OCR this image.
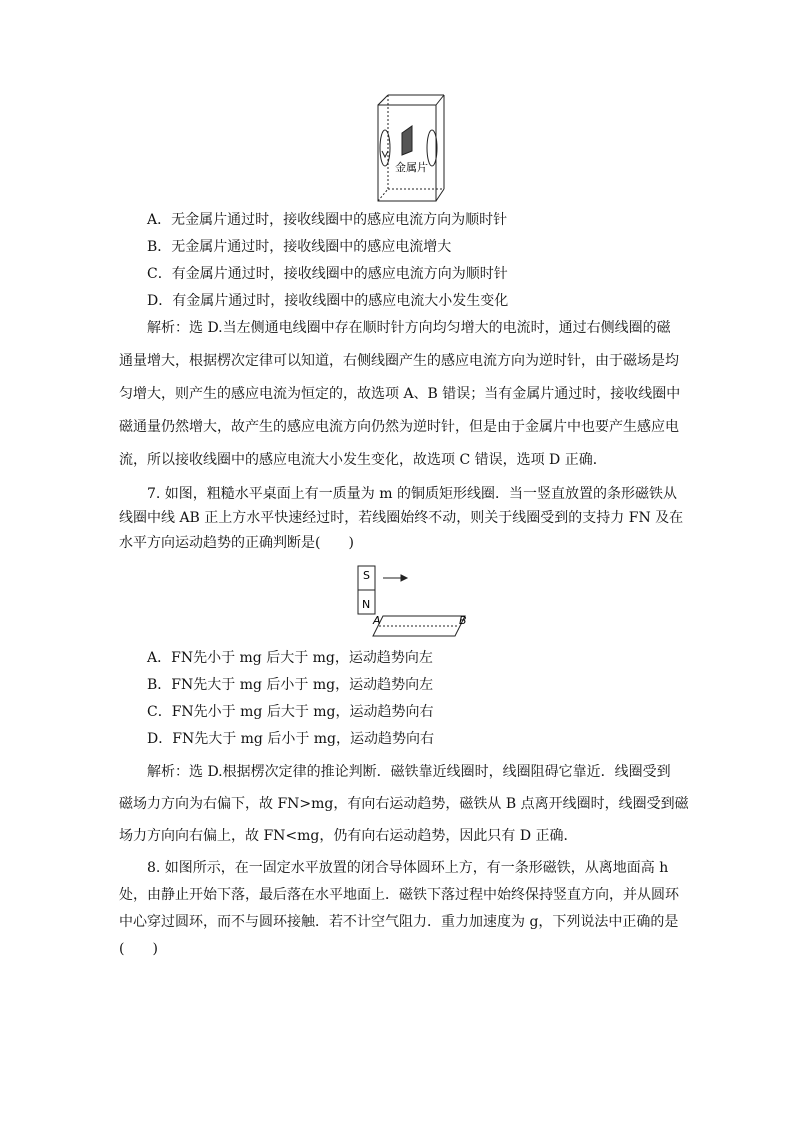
金属片
A．无金属片通过时，接收线圈中的感应电流方向为顺时针
B．无金属片通过时，接收线圈中的感应电流增大
C．有金属片通过时，接收线圈中的感应电流方向为顺时针
D．有金属片通过时，接收线圈中的感应电流大小发生变化
解析：选 D.当左侧通电线圈中存在顺时针方向均匀增大的电流时，通过右侧线圈的磁
通量增大，根据楞次定律可以知道，右侧线圈产生的感应电流方向为逆时针，由于磁场是均
匀增大，则产生的感应电流为恒定的，故选项 A、B 错误；当有金属片通过时，接收线圈中
磁通量仍然增大，故产生的感应电流方向仍然为逆时针，但是由于金属片中也要产生感应电
流，所以接收线圈中的感应电流大小发生变化，故选项 C 错误，选项 D 正确．
7. 如图，粗糙水平桌面上有一质量为 m 的铜质矩形线圈．当一竖直放置的条形磁铁从
线圈中线 AB 正上方水平快速经过时，若线圈始终不动，则关于线圈受到的支持力 FN 及在
水平方向运动趋势的正确判断是(　　)
S
N
A	B
A．FN先小于 mg 后大于 mg，运动趋势向左
B．FN先大于 mg 后小于 mg，运动趋势向左
C．FN先小于 mg 后大于 mg，运动趋势向右
D．FN先大于 mg 后小于 mg，运动趋势向右
解析：选 D.根据楞次定律的推论判断．磁铁靠近线圈时，线圈阻碍它靠近．线圈受到
磁场力方向为右偏下，故 FN>mg，有向右运动趋势，磁铁从 B 点离开线圈时，线圈受到磁
场力方向向右偏上，故 FN<mg，仍有向右运动趋势，因此只有 D 正确．
8. 如图所示，在一固定水平放置的闭合导体圆环上方，有一条形磁铁，从离地面高 h
处，由静止开始下落，最后落在水平地面上．磁铁下落过程中始终保持竖直方向，并从圆环
中心穿过圆环，而不与圆环接触．若不计空气阻力．重力加速度为 g，下列说法中正确的是
(　　)
